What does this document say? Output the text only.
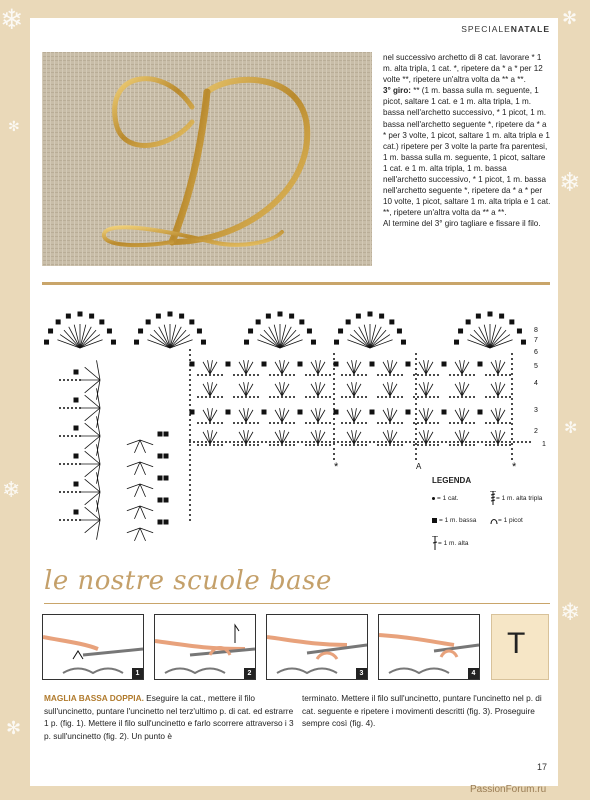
❄
✻
❄
✻
❄
❄
✻
✻
SPECIALENATALE

nel successivo archetto di 8 cat. lavorare * 1 m. alta tripla, 1 cat. *, ripetere da * a * per 12 volte **, ripetere un'altra volta da ** a **.

3° giro: ** (1 m. bassa sulla m. seguente, 1 picot, saltare 1 cat. e 1 m. alta tripla, 1 m. bassa nell'archetto successivo, * 1 picot, 1 m. bassa nell'archetto seguente *, ripetere da * a * per 3 volte, 1 picot, saltare 1 m. alta tripla e 1 cat.) ripetere per 3 volte la parte fra parentesi, 1 m. bassa sulla m. seguente, 1 picot, saltare 1 cat. e 1 m. alta tripla, 1 m. bassa nell'archetto successivo, * 1 picot, 1 m. bassa nell'archetto seguente *, ripetere da * a * per 10 volte, 1 picot, saltare 1 m. alta tripla e 1 cat. **, ripetere un'altra volta da ** a **.

Al termine del 3° giro tagliare e fissare il filo.

8
7
6
5
4
3
2
1
A
*	*
LEGENDA
= 1 cat.	= 1 m. alta tripla
= 1 m. bassa	= 1 picot
= 1 m. alta
le nostre scuole base
1	2	3	4
T
MAGLIA BASSA DOPPIA. Eseguire la cat., mettere il filo sull'uncinetto, puntare l'uncinetto nel terz'ultimo p. di cat. ed estrarre 1 p. (fig. 1). Mettere il filo sull'uncinetto e farlo scorrere attraverso i 3 p. sull'uncinetto (fig. 2). Un punto è
terminato. Mettere il filo sull'uncinetto, puntare l'uncinetto nel p. di cat. seguente e ripetere i movimenti descritti (fig. 3). Proseguire sempre così (fig. 4).
17
PassionForum.ru
